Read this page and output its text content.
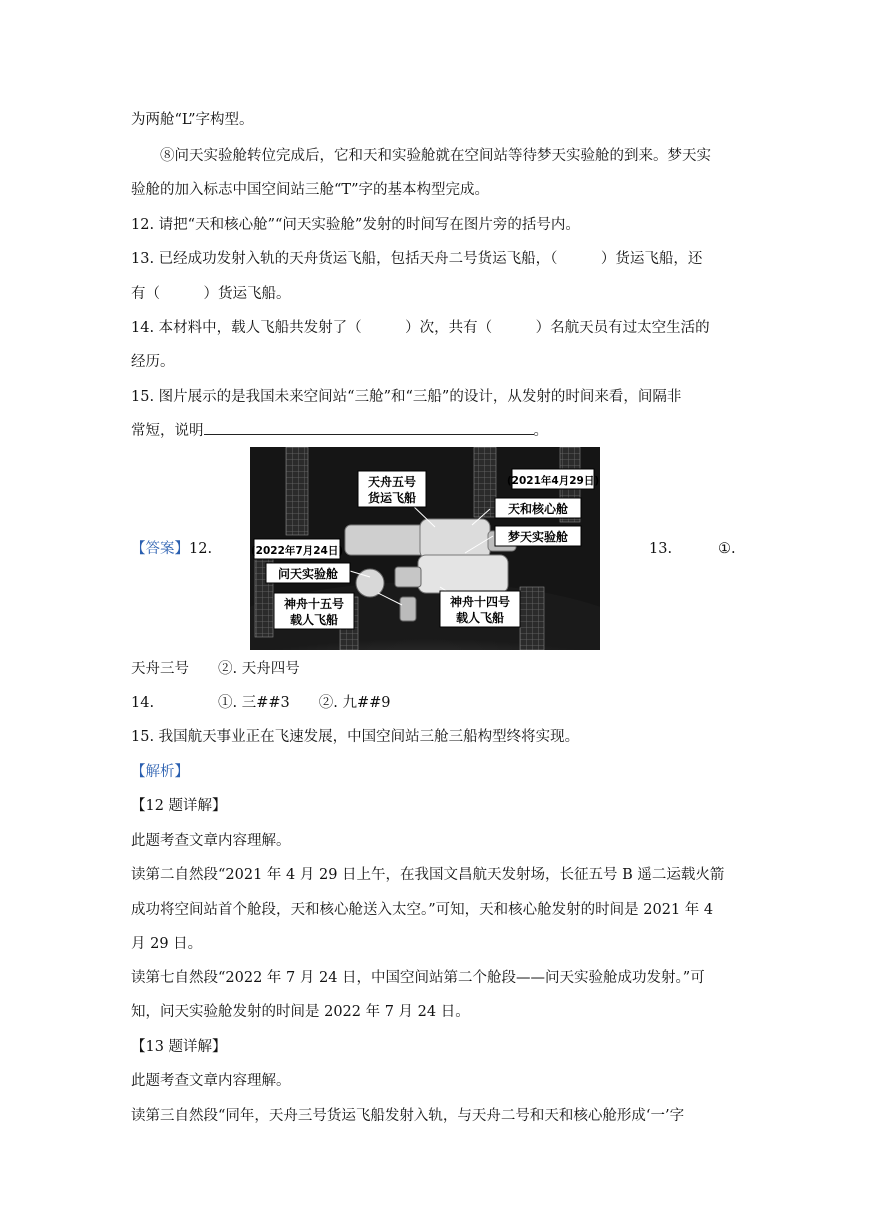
为两舱“L”字构型。
⑧问天实验舱转位完成后，它和天和实验舱就在空间站等待梦天实验舱的到来。梦天实
验舱的加入标志中国空间站三舱“T”字的基本构型完成。
12. 请把“天和核心舱”“问天实验舱”发射的时间写在图片旁的括号内。
13. 已经成功发射入轨的天舟货运飞船，包括天舟二号货运飞船，（　　　）货运飞船，还
有（　　　）货运飞船。
14. 本材料中，载人飞船共发射了（　　　）次，共有（　　　）名航天员有过太空生活的
经历。
15. 图片展示的是我国未来空间站“三舱”和“三船”的设计，从发射的时间来看，间隔非
常短，说明	。
【答案】12.	13.	①.
天舟三号　　②. 天舟四号
14.	①. 三##3　　②. 九##9
15. 我国航天事业正在飞速发展，中国空间站三舱三船构型终将实现。
【解析】
【12 题详解】
此题考查文章内容理解。
读第二自然段“2021 年 4 月 29 日上午，在我国文昌航天发射场，长征五号 B 遥二运载火箭
成功将空间站首个舱段，天和核心舱送入太空。”可知，天和核心舱发射的时间是 2021 年 4
月 29 日。
读第七自然段“2022 年 7 月 24 日，中国空间站第二个舱段——问天实验舱成功发射。”可
知，问天实验舱发射的时间是 2022 年 7 月 24 日。
【13 题详解】
此题考查文章内容理解。
读第三自然段“同年，天舟三号货运飞船发射入轨，与天舟二号和天和核心舱形成‘一’字
(2021年4月29日)
(2022年7月24日)
天舟五号
货运飞船
天和核心舱
梦天实验舱
问天实验舱
神舟十五号
载人飞船
神舟十四号
载人飞船
